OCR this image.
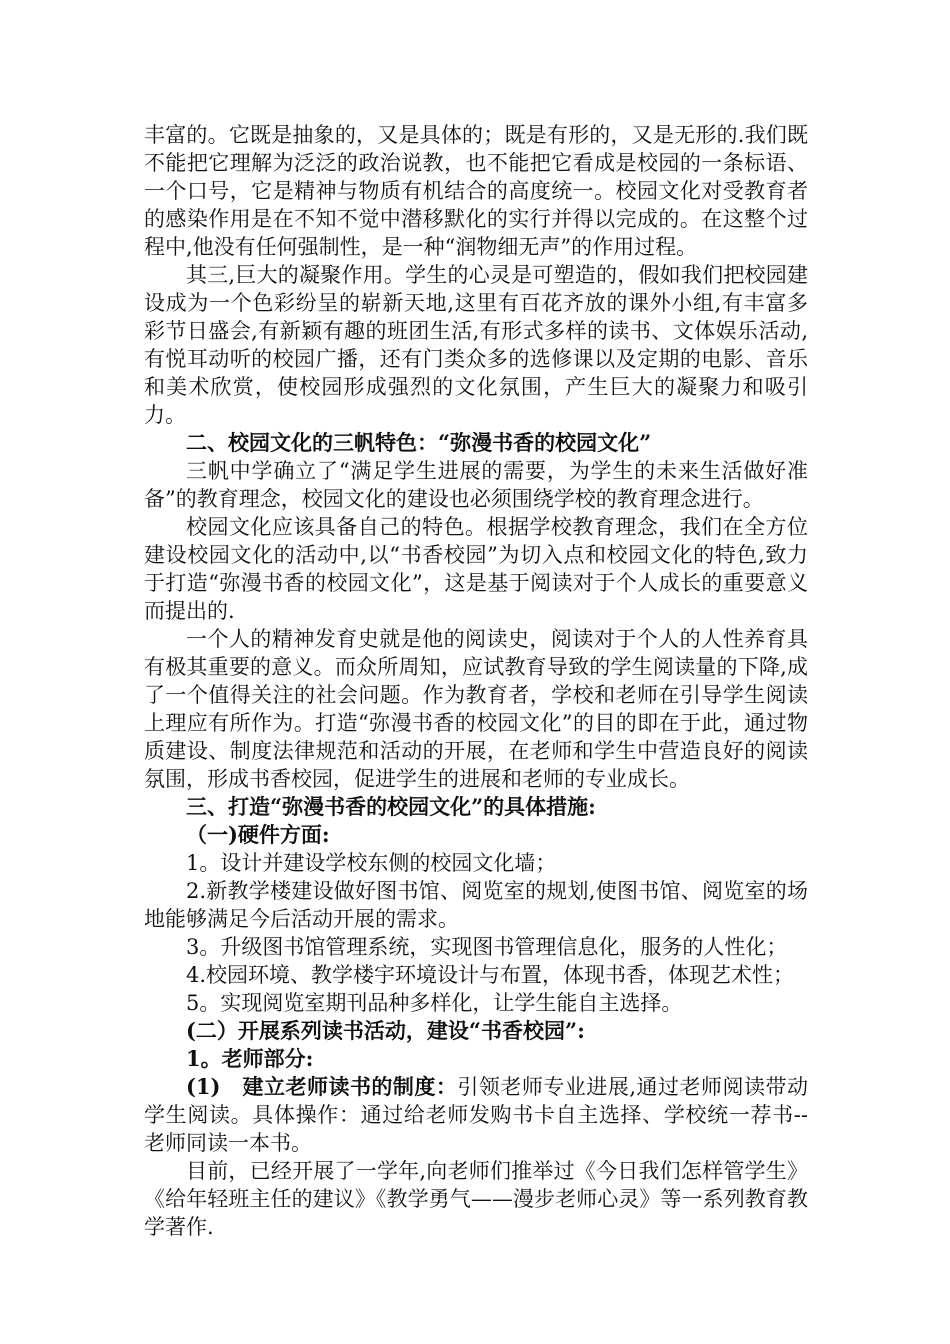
丰富的。它既是抽象的，又是具体的；既是有形的，又是无形的.我们既不能把它理解为泛泛的政治说教，也不能把它看成是校园的一条标语、一个口号，它是精神与物质有机结合的高度统一。校园文化对受教育者的感染作用是在不知不觉中潜移默化的实行并得以完成的。在这整个过程中,他没有任何强制性，是一种“润物细无声”的作用过程。

其三,巨大的凝聚作用。学生的心灵是可塑造的，假如我们把校园建设成为一个色彩纷呈的崭新天地,这里有百花齐放的课外小组,有丰富多彩节日盛会,有新颖有趣的班团生活,有形式多样的读书、文体娱乐活动,有悦耳动听的校园广播，还有门类众多的选修课以及定期的电影、音乐和美术欣赏，使校园形成强烈的文化氛围，产生巨大的凝聚力和吸引力。

二、校园文化的三帆特色：“弥漫书香的校园文化”

三帆中学确立了“满足学生进展的需要，为学生的未来生活做好准备”的教育理念，校园文化的建设也必须围绕学校的教育理念进行。

校园文化应该具备自己的特色。根据学校教育理念，我们在全方位建设校园文化的活动中,以“书香校园”为切入点和校园文化的特色,致力于打造“弥漫书香的校园文化”，这是基于阅读对于个人成长的重要意义而提出的.

一个人的精神发育史就是他的阅读史，阅读对于个人的人性养育具有极其重要的意义。而众所周知，应试教育导致的学生阅读量的下降,成了一个值得关注的社会问题。作为教育者，学校和老师在引导学生阅读上理应有所作为。打造“弥漫书香的校园文化”的目的即在于此，通过物质建设、制度法律规范和活动的开展，在老师和学生中营造良好的阅读氛围，形成书香校园，促进学生的进展和老师的专业成长。

三、打造“弥漫书香的校园文化”的具体措施:

（一)硬件方面:

1。设计并建设学校东侧的校园文化墙；

2.新教学楼建设做好图书馆、阅览室的规划,使图书馆、阅览室的场地能够满足今后活动开展的需求。

3。升级图书馆管理系统，实现图书管理信息化，服务的人性化；

4.校园环境、教学楼宇环境设计与布置，体现书香，体现艺术性；

5。实现阅览室期刊品种多样化，让学生能自主选择。

(二）开展系列读书活动，建设“书香校园”:

1。老师部分:

(1)　建立老师读书的制度：引领老师专业进展,通过老师阅读带动学生阅读。具体操作：通过给老师发购书卡自主选择、学校统一荐书--老师同读一本书。

目前，已经开展了一学年,向老师们推举过《今日我们怎样管学生》《给年轻班主任的建议》《教学勇气——漫步老师心灵》等一系列教育教学著作.
